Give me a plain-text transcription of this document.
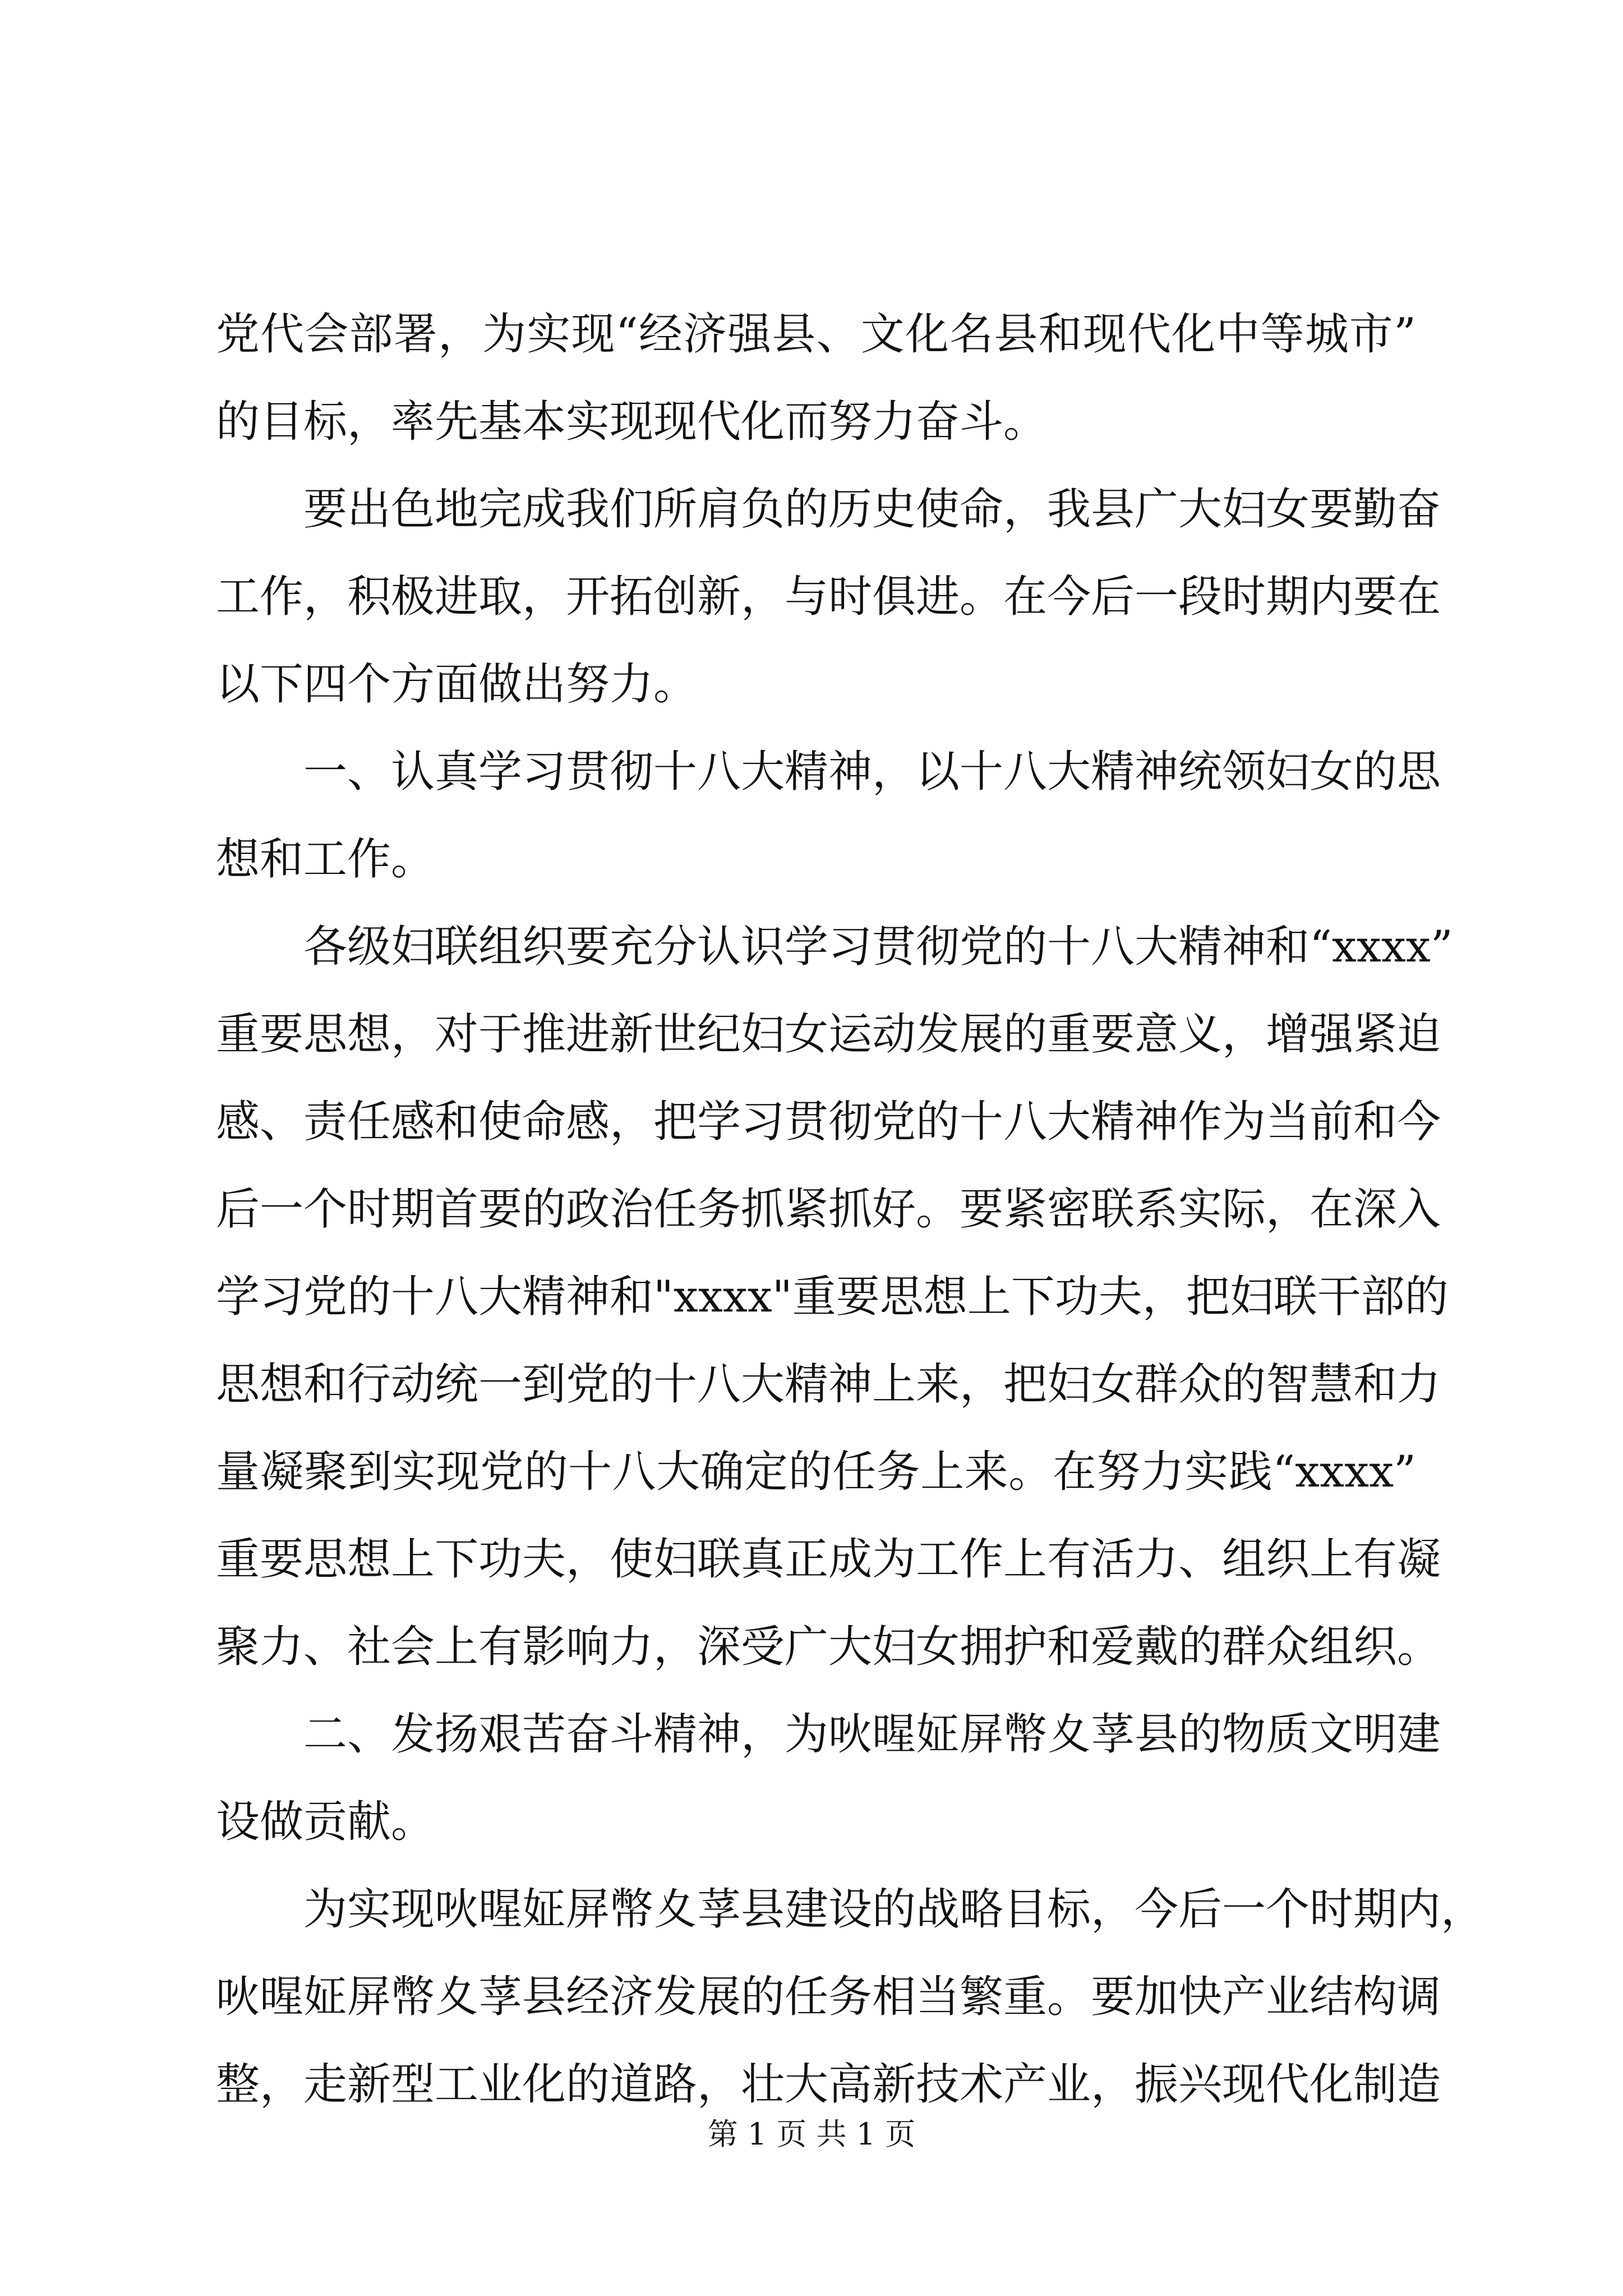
党代会部署，为实现“经济强县、文化名县和现代化中等城市”
的目标，率先基本实现现代化而努力奋斗。
要出色地完成我们所肩负的历史使命，我县广大妇女要勤奋
工作，积极进取，开拓创新，与时俱进。在今后一段时期内要在
以下四个方面做出努力。
一、认真学习贯彻十八大精神，以十八大精神统领妇女的思
想和工作。
各级妇联组织要充分认识学习贯彻党的十八大精神和“xxxx”
重要思想，对于推进新世纪妇女运动发展的重要意义，增强紧迫
感、责任感和使命感，把学习贯彻党的十八大精神作为当前和今
后一个时期首要的政治任务抓紧抓好。要紧密联系实际，在深入
学习党的十八大精神和"xxxx"重要思想上下功夫，把妇联干部的
思想和行动统一到党的十八大精神上来，把妇女群众的智慧和力
量凝聚到实现党的十八大确定的任务上来。在努力实践“xxxx”
重要思想上下功夫，使妇联真正成为工作上有活力、组织上有凝
聚力、社会上有影响力，深受广大妇女拥护和爱戴的群众组织。
二、发扬艰苦奋斗精神，为吙暒姃屏幣夊莩县的物质文明建
设做贡献。
为实现吙暒姃屏幣夊莩县建设的战略目标，今后一个时期内，
吙暒姃屏幣夊莩县经济发展的任务相当繁重。要加快产业结构调
整，走新型工业化的道路，壮大高新技术产业，振兴现代化制造
第 1 页 共 1 页
